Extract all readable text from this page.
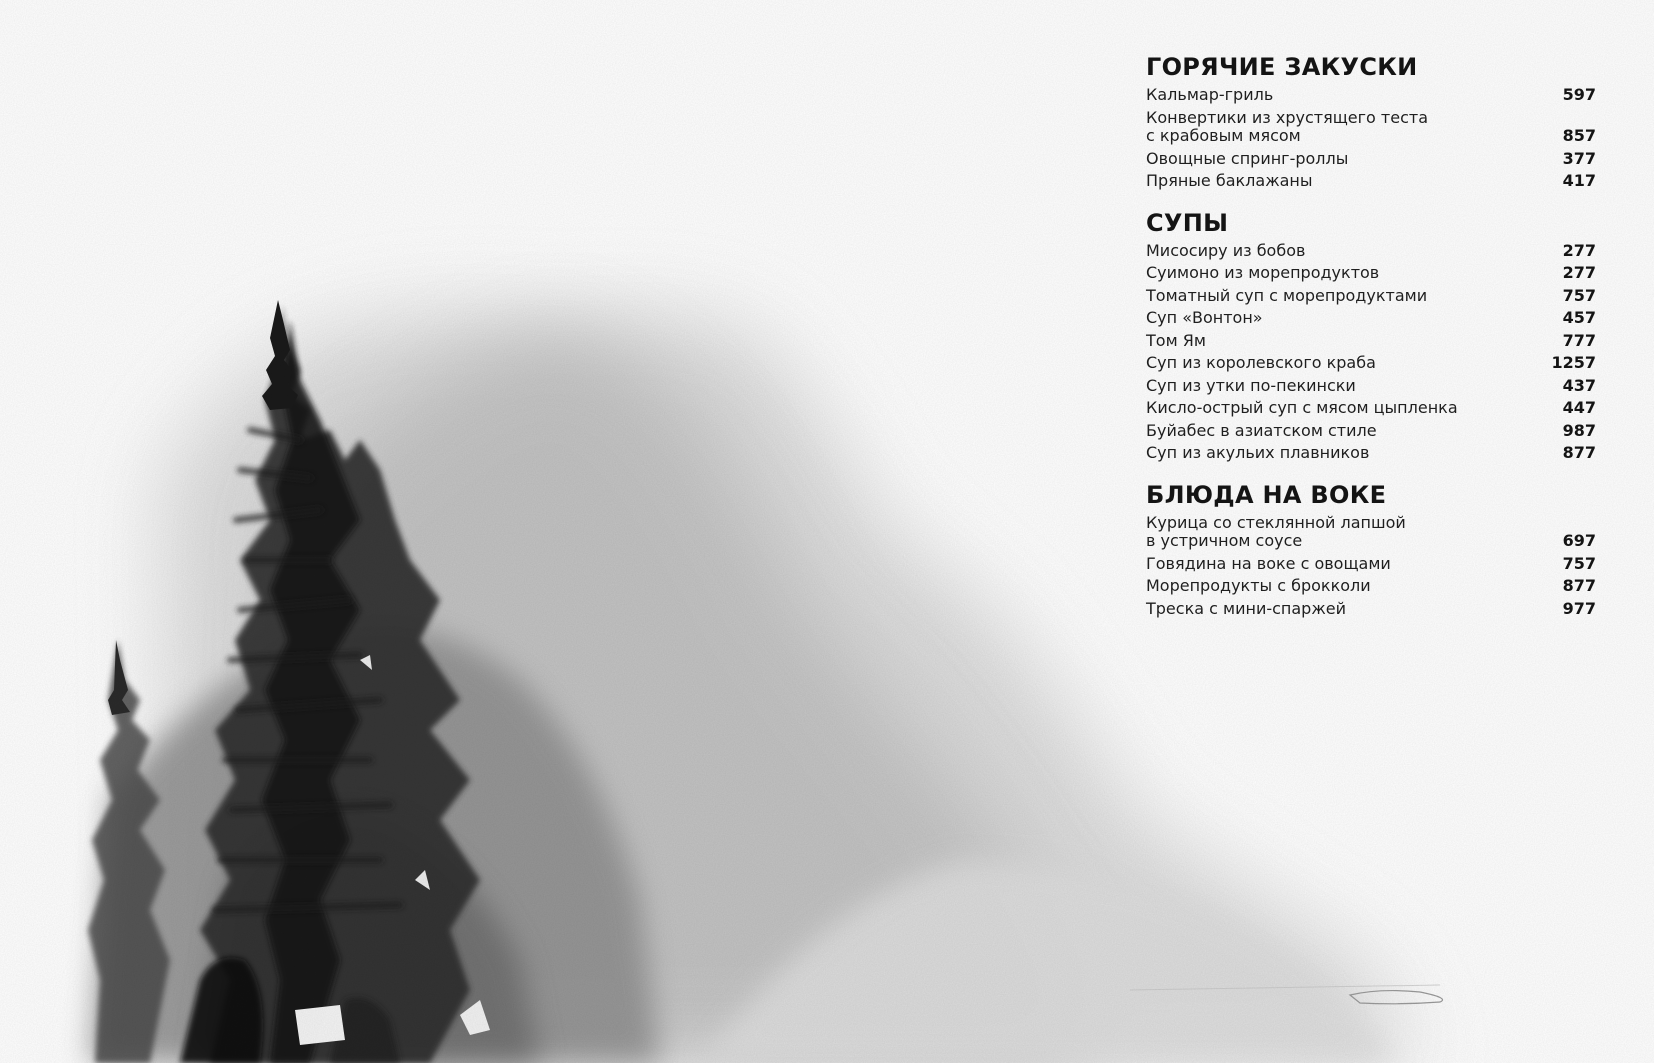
ГОРЯЧИЕ ЗАКУСКИ
Кальмар-гриль	597
Конвертики из хрустящего теста
с крабовым мясом	857
Овощные спринг-роллы	377
Пряные баклажаны	417
СУПЫ
Мисосиру из бобов	277
Суимоно из морепродуктов	277
Томатный суп с морепродуктами	757
Суп «Вонтон»	457
Том Ям	777
Суп из королевского краба	1257
Суп из утки по-пекински	437
Кисло-острый суп с мясом цыпленка	447
Буйабес в азиатском стиле	987
Суп из акульих плавников	877
БЛЮДА НА ВОКЕ
Курица со стеклянной лапшой
в устричном соусе	697
Говядина на воке с овощами	757
Морепродукты с брокколи	877
Треска с мини-спаржей	977
